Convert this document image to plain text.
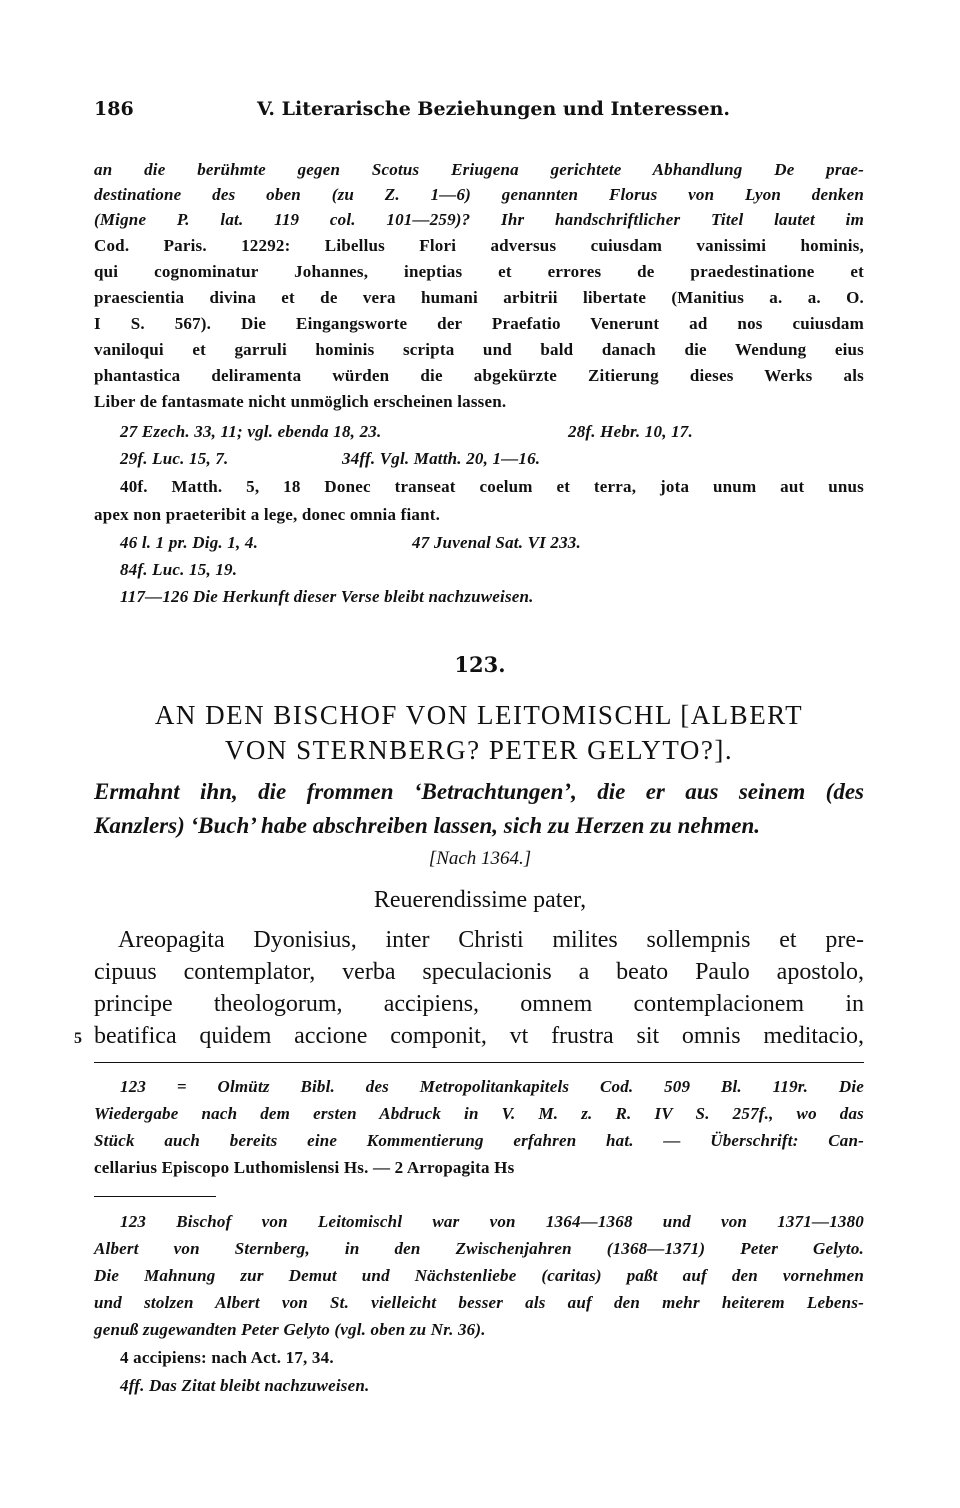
186	V. Literarische Beziehungen und Interessen.
an die berühmte gegen Scotus Eriugena gerichtete Abhandlung De prae-
destinatione des oben (zu Z. 1—6) genannten Florus von Lyon denken
(Migne P. lat. 119 col. 101—259)? Ihr handschriftlicher Titel lautet im
Cod. Paris. 12292: Libellus Flori adversus cuiusdam vanissimi hominis,
qui cognominatur Johannes, ineptias et errores de praedestinatione et
praescientia divina et de vera humani arbitrii libertate (Manitius a. a. O.
I S. 567). Die Eingangsworte der Praefatio Venerunt ad nos cuiusdam
vaniloqui et garruli hominis scripta und bald danach die Wendung eius
phantastica deliramenta würden die abgekürzte Zitierung dieses Werks als
Liber de fantasmate nicht unmöglich erscheinen lassen.
27 Ezech. 33, 11; vgl. ebenda 18, 23.	28f. Hebr. 10, 17.
29f. Luc. 15, 7.	34ff. Vgl. Matth. 20, 1—16.
40f. Matth. 5, 18 Donec transeat coelum et terra, jota unum aut unus
apex non praeteribit a lege, donec omnia fiant.
46 l. 1 pr. Dig. 1, 4.	47 Juvenal Sat. VI 233.
84f. Luc. 15, 19.
117—126 Die Herkunft dieser Verse bleibt nachzuweisen.
123.
AN DEN BISCHOF VON LEITOMISCHL [ALBERT
VON STERNBERG? PETER GELYTO?].
Ermahnt ihn, die frommen ‘Betrachtungen’, die er aus seinem (des
Kanzlers) ‘Buch’ habe abschreiben lassen, sich zu Herzen zu nehmen.
[Nach 1364.]
Reuerendissime pater,
Areopagita Dyonisius, inter Christi milites sollempnis et pre-
cipuus contemplator, verba speculacionis a beato Paulo apostolo,
principe theologorum, accipiens, omnem contemplacionem in
beatifica quidem accione componit, vt frustra sit omnis meditacio,
5
123 = Olmütz Bibl. des Metropolitankapitels Cod. 509 Bl. 119r. Die
Wiedergabe nach dem ersten Abdruck in V. M. z. R. IV S. 257f., wo das
Stück auch bereits eine Kommentierung erfahren hat. — Überschrift: Can-
cellarius Episcopo Luthomislensi Hs. — 2 Arropagita Hs
123 Bischof von Leitomischl war von 1364—1368 und von 1371—1380
Albert von Sternberg, in den Zwischenjahren (1368—1371) Peter Gelyto.
Die Mahnung zur Demut und Nächstenliebe (caritas) paßt auf den vornehmen
und stolzen Albert von St. vielleicht besser als auf den mehr heiterem Lebens-
genuß zugewandten Peter Gelyto (vgl. oben zu Nr. 36).
4 accipiens: nach Act. 17, 34.
4ff. Das Zitat bleibt nachzuweisen.
